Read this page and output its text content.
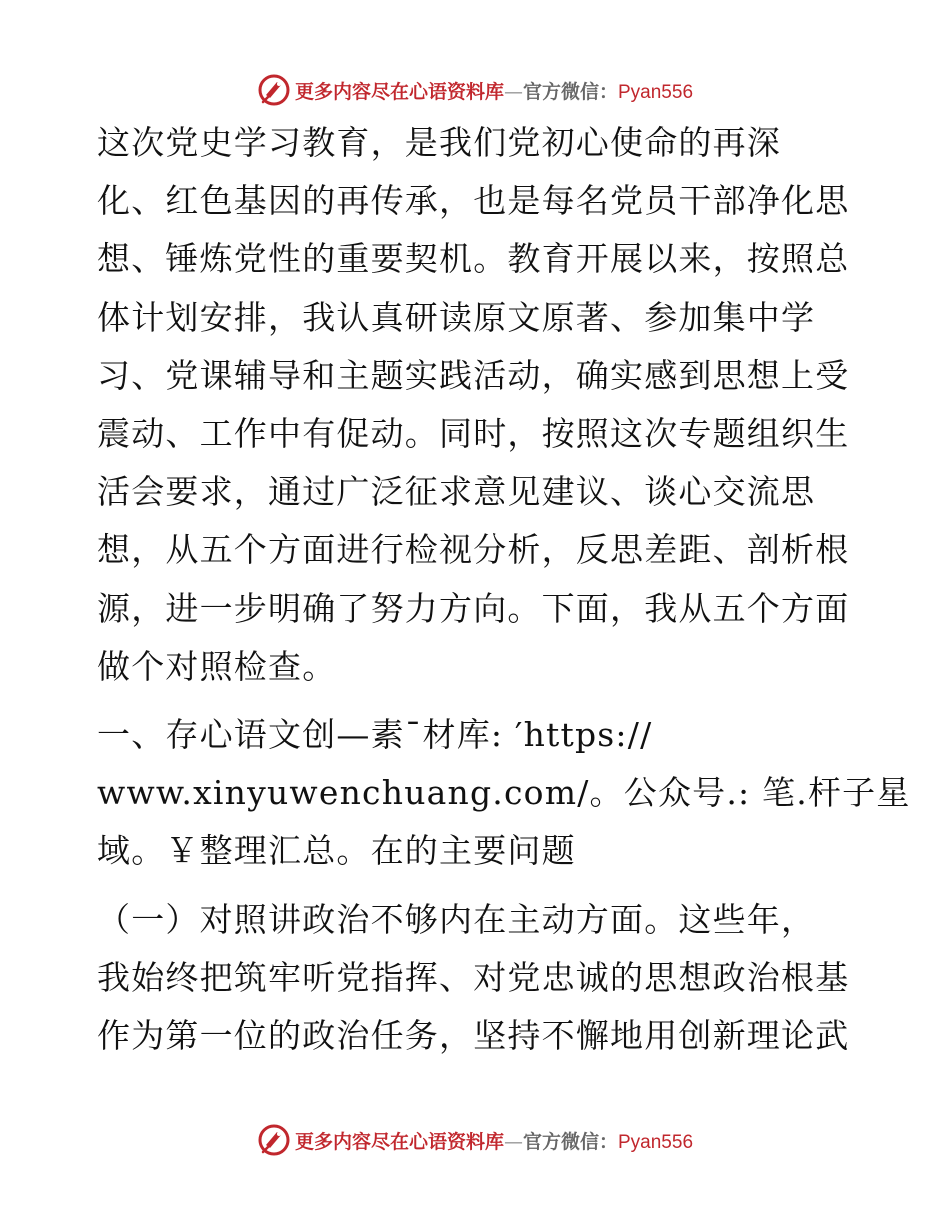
更多内容尽在心语资料库—官方微信：Pyan556

这次党史学习教育，是我们党初心使命的再深
化、红色基因的再传承，也是每名党员干部净化思
想、锤炼党性的重要契机。教育开展以来，按照总
体计划安排，我认真研读原文原著、参加集中学
习、党课辅导和主题实践活动，确实感到思想上受
震动、工作中有促动。同时，按照这次专题组织生
活会要求，通过广泛征求意见建议、谈心交流思
想，从五个方面进行检视分析，反思差距、剖析根
源，进一步明确了努力方向。下面，我从五个方面
做个对照检查。

一、存心语文创—素¯材库: ′https://
www.xinyuwenchuang.com/。公众号.: 笔.杆子星
域。￥整理汇总。在的主要问题

（一）对照讲政治不够内在主动方面。这些年，
我始终把筑牢听党指挥、对党忠诚的思想政治根基
作为第一位的政治任务，坚持不懈地用创新理论武

更多内容尽在心语资料库—官方微信：Pyan556
